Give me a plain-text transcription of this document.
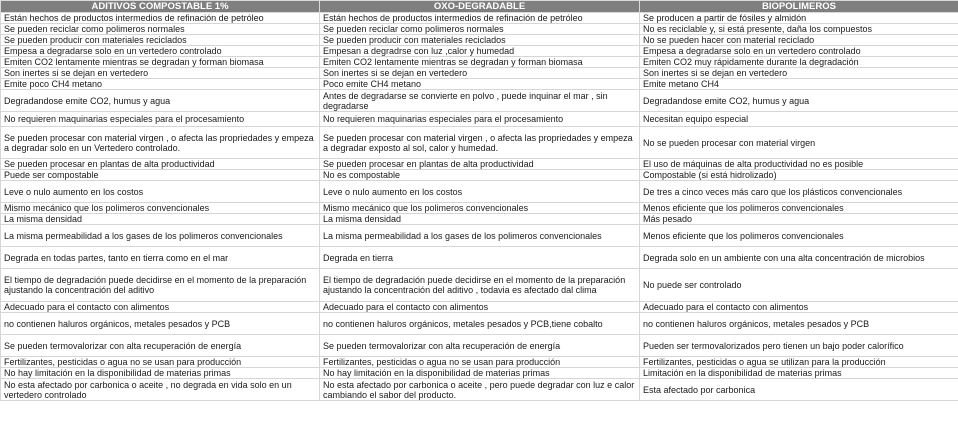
ADITIVOS COMPOSTABLE 1%	OXO-DEGRADABLE	BIOPOLIMEROS
Están hechos de productos intermedios de refinación de petróleo	Están hechos de productos intermedios de refinación de petróleo	Se producen a partir de fósiles y almidón
Se pueden reciclar como polimeros normales	Se pueden reciclar como polimeros normales	No es reciclable y, si está presente, daña los compuestos
Se pueden producir con materiales reciclados	Se pueden producir con materiales reciclados	No se pueden hacer con material reciclado
Empesa a degradarse solo en un vertedero controlado	Empesan a degradrse con luz ,calor y humedad	Empesa a degradarse solo en un vertedero controlado
Emiten CO2 lentamente mientras se degradan y forman biomasa	Emiten CO2 lentamente mientras se degradan y forman biomasa	Emiten CO2 muy rápidamente durante la degradación
Son inertes si se dejan en vertedero	Son inertes si se dejan en vertedero	Son inertes si se dejan en vertedero
Emite poco CH4 metano	Poco emite CH4 metano	Emite metano CH4
Degradandose emite CO2, humus y agua	Antes de degradarse se convierte en polvo , puede inquinar el mar , sin degradarse	Degradandose emite CO2, humus y agua
No requieren maquinarias especiales para el procesamiento	No requieren maquinarias especiales para el procesamiento	Necesitan equipo especial
Se pueden procesar con material virgen , o afecta las propriedades y empeza a degradar solo en un Vertedero controlado.	Se pueden procesar con material virgen , o afecta las propriedades y empeza a degradar exposto al sol, calor y humedad.	No se pueden procesar con material virgen
Se pueden procesar en plantas de alta productividad	Se pueden procesar en plantas de alta productividad	El uso de máquinas de alta productividad no es posible
Puede ser compostable	No es compostable	Compostable (si está hidrolizado)
Leve o nulo aumento en los costos	Leve o nulo aumento en los costos	De tres a cinco veces más caro que los plásticos convencionales
Mismo mecánico que los polimeros convencionales	Mismo mecánico que los polimeros convencionales	Menos eficiente que los polimeros convencionales
La misma densidad	La misma densidad	Más pesado
La misma permeabilidad a los gases de los polimeros convencionales	La misma permeabilidad a los gases de los polimeros convencionales	Menos eficiente que los polimeros convencionales
Degrada en todas partes, tanto en tierra como en el mar	Degrada en tierra	Degrada solo en un ambiente con una alta concentración de microbios
El tiempo de degradación puede decidirse en el momento de la preparación ajustando la concentración del aditivo	El tiempo de degradación puede decidirse en el momento de la preparación ajustando la concentración del aditivo , todavia es afectado dal clima	No puede ser controlado
Adecuado para el contacto con alimentos	Adecuado para el contacto con alimentos	Adecuado para el contacto con alimentos
no contienen haluros orgánicos, metales pesados y PCB	no contienen haluros orgánicos, metales pesados y PCB,tiene cobalto	no contienen haluros orgánicos, metales pesados y PCB
Se pueden termovalorizar con alta recuperación de energía	Se pueden termovalorizar con alta recuperación de energía	Pueden ser termovalorizados pero tienen un bajo poder calorífico
Fertilizantes, pesticidas o agua no se usan para producción	Fertilizantes, pesticidas o agua no se usan para producción	Fertilizantes, pesticidas o agua se utilizan para la producción
No hay limitación en la disponibilidad de materias primas	No hay limitación en la disponibilidad de materias primas	Limitación en la disponibilidad de materias primas
No esta afectado por carbonica o aceite , no degrada en vida solo en un vertedero controlado	No esta afectado por carbonica o aceite , pero puede degradar con luz e calor cambiando el sabor del producto.	Esta afectado por carbonica
